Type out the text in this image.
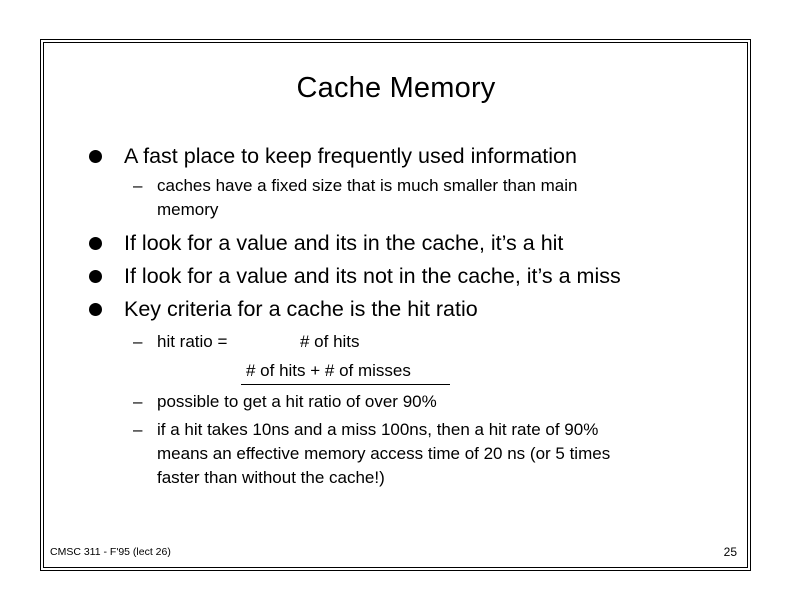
Cache Memory
A fast place to keep frequently used information
– caches have a fixed size that is much smaller than main
memory
If look for a value and its in the cache, it’s a hit
If look for a value and its not in the cache, it’s a miss
Key criteria for a cache is the hit ratio
– hit ratio =	# of hits
# of hits + # of misses
– possible to get a hit ratio of over 90%
– if a hit takes 10ns and a miss 100ns, then a hit rate of 90%
means an effective memory access time of 20 ns (or 5 times
faster than without the cache!)
CMSC 311 - F'95 (lect 26)	25
